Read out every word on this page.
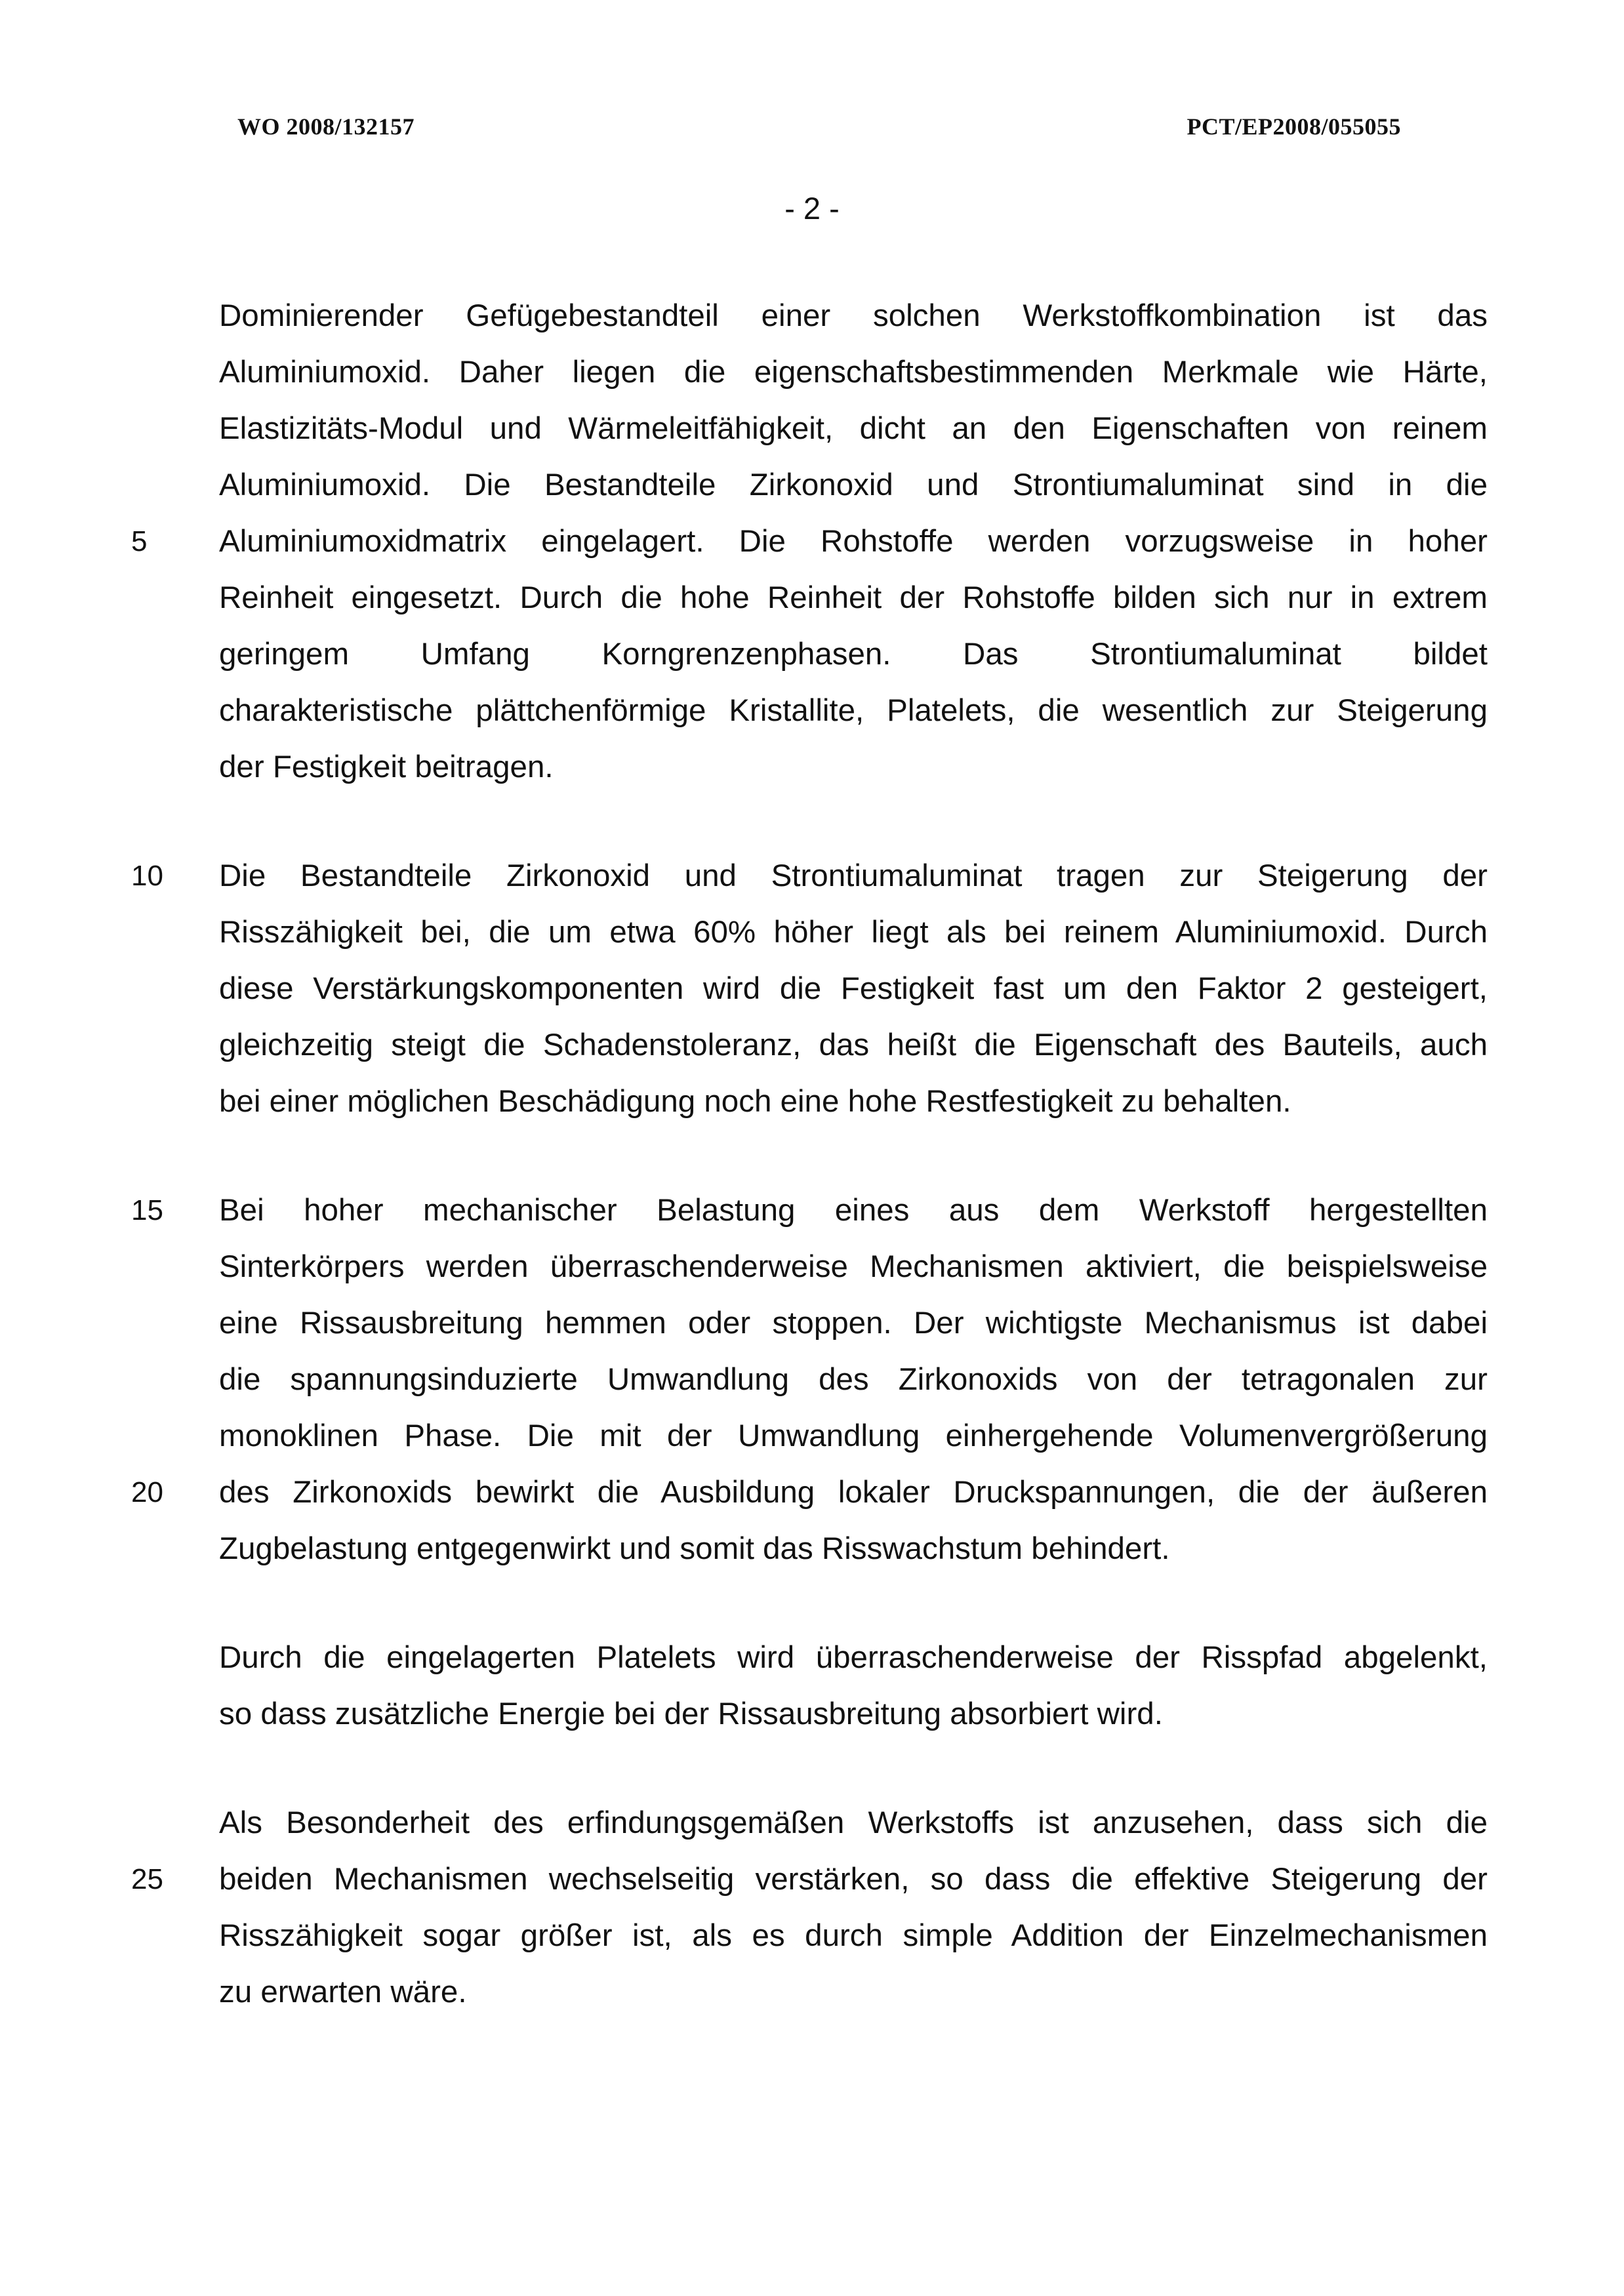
WO 2008/132157	PCT/EP2008/055055
- 2 -
Dominierender Gefügebestandteil einer solchen Werkstoffkombination ist das
Aluminiumoxid. Daher liegen die eigenschaftsbestimmenden Merkmale wie Härte,
Elastizitäts-Modul und Wärmeleitfähigkeit, dicht an den Eigenschaften von reinem
Aluminiumoxid. Die Bestandteile Zirkonoxid und Strontiumaluminat sind in die
Aluminiumoxidmatrix eingelagert. Die Rohstoffe werden vorzugsweise in hoher
Reinheit eingesetzt. Durch die hohe Reinheit der Rohstoffe bilden sich nur in extrem
geringem Umfang Korngrenzenphasen. Das Strontiumaluminat bildet
charakteristische plättchenförmige Kristallite, Platelets, die wesentlich zur Steigerung
der Festigkeit beitragen.
Die Bestandteile Zirkonoxid und Strontiumaluminat tragen zur Steigerung der
Risszähigkeit bei, die um etwa 60% höher liegt als bei reinem Aluminiumoxid. Durch
diese Verstärkungskomponenten wird die Festigkeit fast um den Faktor 2 gesteigert,
gleichzeitig steigt die Schadenstoleranz, das heißt die Eigenschaft des Bauteils, auch
bei einer möglichen Beschädigung noch eine hohe Restfestigkeit zu behalten.
Bei hoher mechanischer Belastung eines aus dem Werkstoff hergestellten
Sinterkörpers werden überraschenderweise Mechanismen aktiviert, die beispielsweise
eine Rissausbreitung hemmen oder stoppen. Der wichtigste Mechanismus ist dabei
die spannungsinduzierte Umwandlung des Zirkonoxids von der tetragonalen zur
monoklinen Phase. Die mit der Umwandlung einhergehende Volumenvergrößerung
des Zirkonoxids bewirkt die Ausbildung lokaler Druckspannungen, die der äußeren
Zugbelastung entgegenwirkt und somit das Risswachstum behindert.
Durch die eingelagerten Platelets wird überraschenderweise der Risspfad abgelenkt,
so dass zusätzliche Energie bei der Rissausbreitung absorbiert wird.
Als Besonderheit des erfindungsgemäßen Werkstoffs ist anzusehen, dass sich die
beiden Mechanismen wechselseitig verstärken, so dass die effektive Steigerung der
Risszähigkeit sogar größer ist, als es durch simple Addition der Einzelmechanismen
zu erwarten wäre.
5
10
15
20
25
